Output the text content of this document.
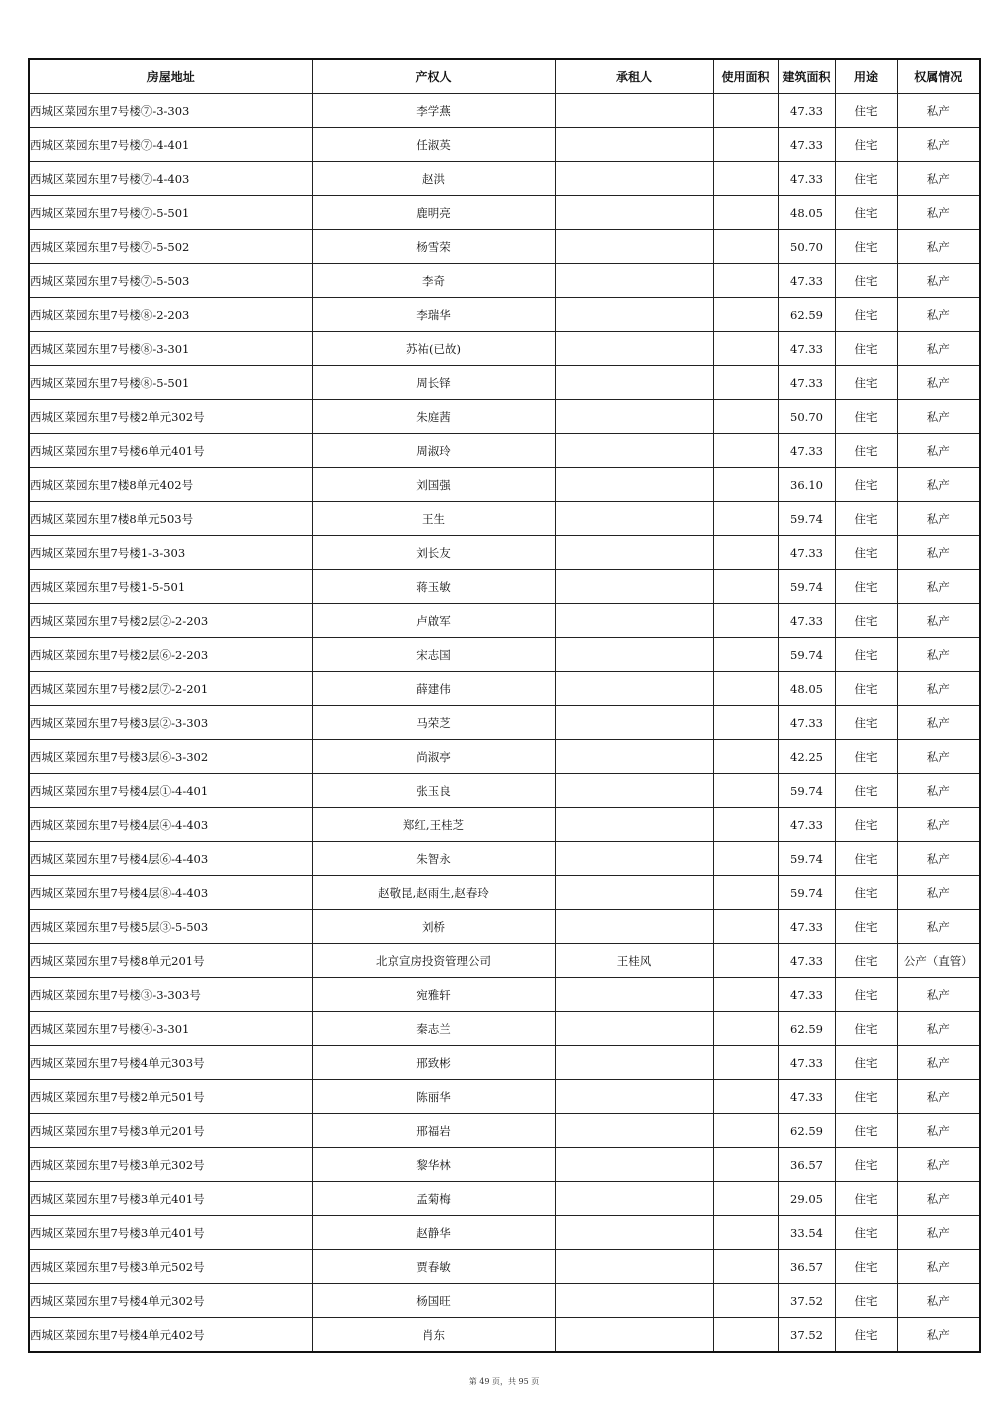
房屋地址	产权人	承租人	使用面积	建筑面积	用途	权属情况
西城区菜园东里7号楼⑦-3-303	李学燕			47.33	住宅	私产
西城区菜园东里7号楼⑦-4-401	任淑英			47.33	住宅	私产
西城区菜园东里7号楼⑦-4-403	赵洪			47.33	住宅	私产
西城区菜园东里7号楼⑦-5-501	鹿明亮			48.05	住宅	私产
西城区菜园东里7号楼⑦-5-502	杨雪荣			50.70	住宅	私产
西城区菜园东里7号楼⑦-5-503	李奇			47.33	住宅	私产
西城区菜园东里7号楼⑧-2-203	李瑞华			62.59	住宅	私产
西城区菜园东里7号楼⑧-3-301	苏祐(已故)			47.33	住宅	私产
西城区菜园东里7号楼⑧-5-501	周长铎			47.33	住宅	私产
西城区菜园东里7号楼2单元302号	朱庭茜			50.70	住宅	私产
西城区菜园东里7号楼6单元401号	周淑玲			47.33	住宅	私产
西城区菜园东里7楼8单元402号	刘国强			36.10	住宅	私产
西城区菜园东里7楼8单元503号	王生			59.74	住宅	私产
西城区菜园东里7号楼1-3-303	刘长友			47.33	住宅	私产
西城区菜园东里7号楼1-5-501	蒋玉敏			59.74	住宅	私产
西城区菜园东里7号楼2层②-2-203	卢啟军			47.33	住宅	私产
西城区菜园东里7号楼2层⑥-2-203	宋志国			59.74	住宅	私产
西城区菜园东里7号楼2层⑦-2-201	薛建伟			48.05	住宅	私产
西城区菜园东里7号楼3层②-3-303	马荣芝			47.33	住宅	私产
西城区菜园东里7号楼3层⑥-3-302	尚淑亭			42.25	住宅	私产
西城区菜园东里7号楼4层①-4-401	张玉良			59.74	住宅	私产
西城区菜园东里7号楼4层④-4-403	郑红,王桂芝			47.33	住宅	私产
西城区菜园东里7号楼4层⑥-4-403	朱智永			59.74	住宅	私产
西城区菜园东里7号楼4层⑧-4-403	赵敬昆,赵雨生,赵春玲			59.74	住宅	私产
西城区菜园东里7号楼5层③-5-503	刘桥			47.33	住宅	私产
西城区菜园东里7号楼8单元201号	北京宣房投资管理公司	王桂风		47.33	住宅	公产（直管）
西城区菜园东里7号楼③-3-303号	宛雅轩			47.33	住宅	私产
西城区菜园东里7号楼④-3-301	秦志兰			62.59	住宅	私产
西城区菜园东里7号楼4单元303号	邢致彬			47.33	住宅	私产
西城区菜园东里7号楼2单元501号	陈丽华			47.33	住宅	私产
西城区菜园东里7号楼3单元201号	邢福岩			62.59	住宅	私产
西城区菜园东里7号楼3单元302号	黎华林			36.57	住宅	私产
西城区菜园东里7号楼3单元401号	孟菊梅			29.05	住宅	私产
西城区菜园东里7号楼3单元401号	赵静华			33.54	住宅	私产
西城区菜园东里7号楼3单元502号	贾春敏			36.57	住宅	私产
西城区菜园东里7号楼4单元302号	杨国旺			37.52	住宅	私产
西城区菜园东里7号楼4单元402号	肖东			37.52	住宅	私产
第 49 页，共 95 页
